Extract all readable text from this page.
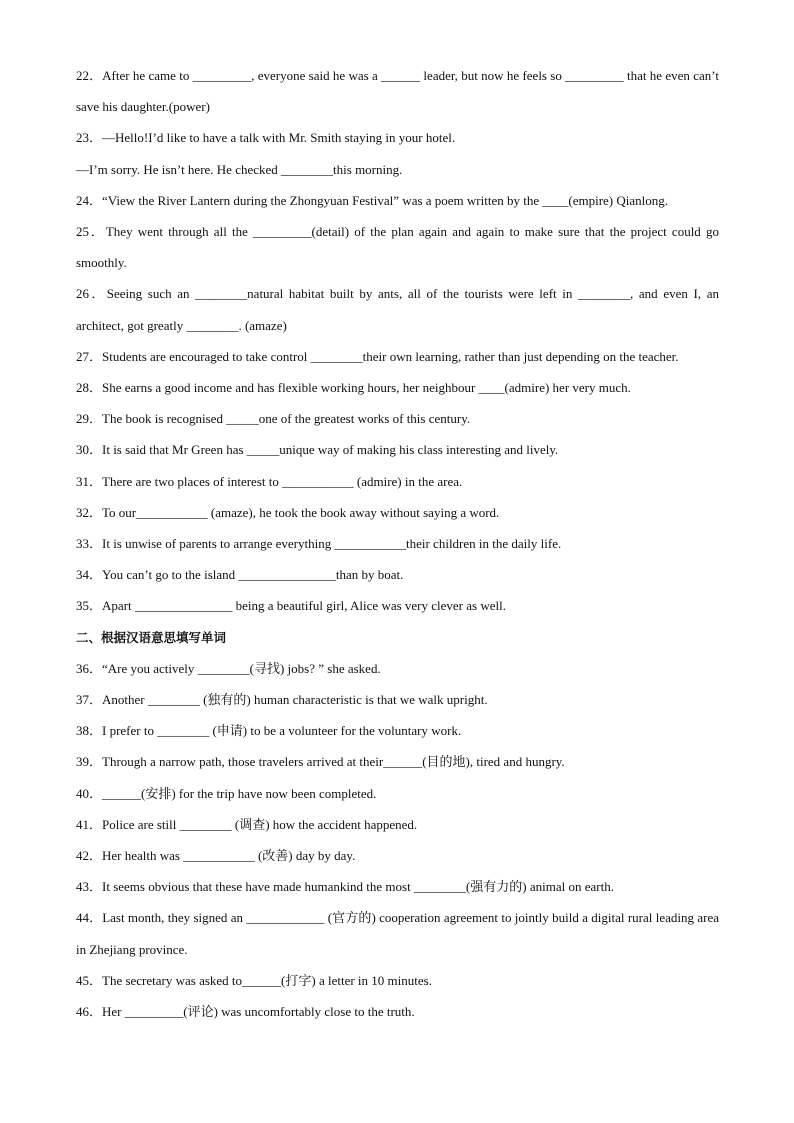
22．After he came to _________, everyone said he was a ______ leader, but now he feels so _________ that he even can’t save his daughter.(power)

23．—Hello!I’d like to have a talk with Mr. Smith staying in your hotel.

—I’m sorry. He isn’t here. He checked ________this morning.

24．“View the River Lantern during the Zhongyuan Festival” was a poem written by the ____(empire) Qianlong.

25．They went through all the _________(detail) of the plan again and again to make sure that the project could go smoothly.

26．Seeing such an ________natural habitat built by ants, all of the tourists were left in ________, and even I, an architect, got greatly ________. (amaze)

27．Students are encouraged to take control ________their own learning, rather than just depending on the teacher.

28．She earns a good income and has flexible working hours, her neighbour ____(admire) her very much.

29．The book is recognised _____one of the greatest works of this century.

30．It is said that Mr Green has _____unique way of making his class interesting and lively.

31．There are two places of interest to ___________ (admire) in the area.

32．To our___________ (amaze), he took the book away without saying a word.

33．It is unwise of parents to arrange everything ___________their children in the daily life.

34．You can’t go to the island _______________than by boat.

35．Apart _______________ being a beautiful girl, Alice was very clever as well.

二、根据汉语意思填写单词

36．“Are you actively ________(寻找) jobs? ” she asked.

37．Another ________ (独有的) human characteristic is that we walk upright.

38．I prefer to ________ (申请) to be a volunteer for the voluntary work.

39．Through a narrow path, those travelers arrived at their______(目的地), tired and hungry.

40．______(安排) for the trip have now been completed.

41．Police are still ________ (调查) how the accident happened.

42．Her health was ___________ (改善) day by day.

43．It seems obvious that these have made humankind the most ________(强有力的) animal on earth.

44．Last month, they signed an ____________ (官方的) cooperation agreement to jointly build a digital rural leading area in Zhejiang province.

45．The secretary was asked to______(打字) a letter in 10 minutes.

46．Her _________(评论) was uncomfortably close to the truth.
